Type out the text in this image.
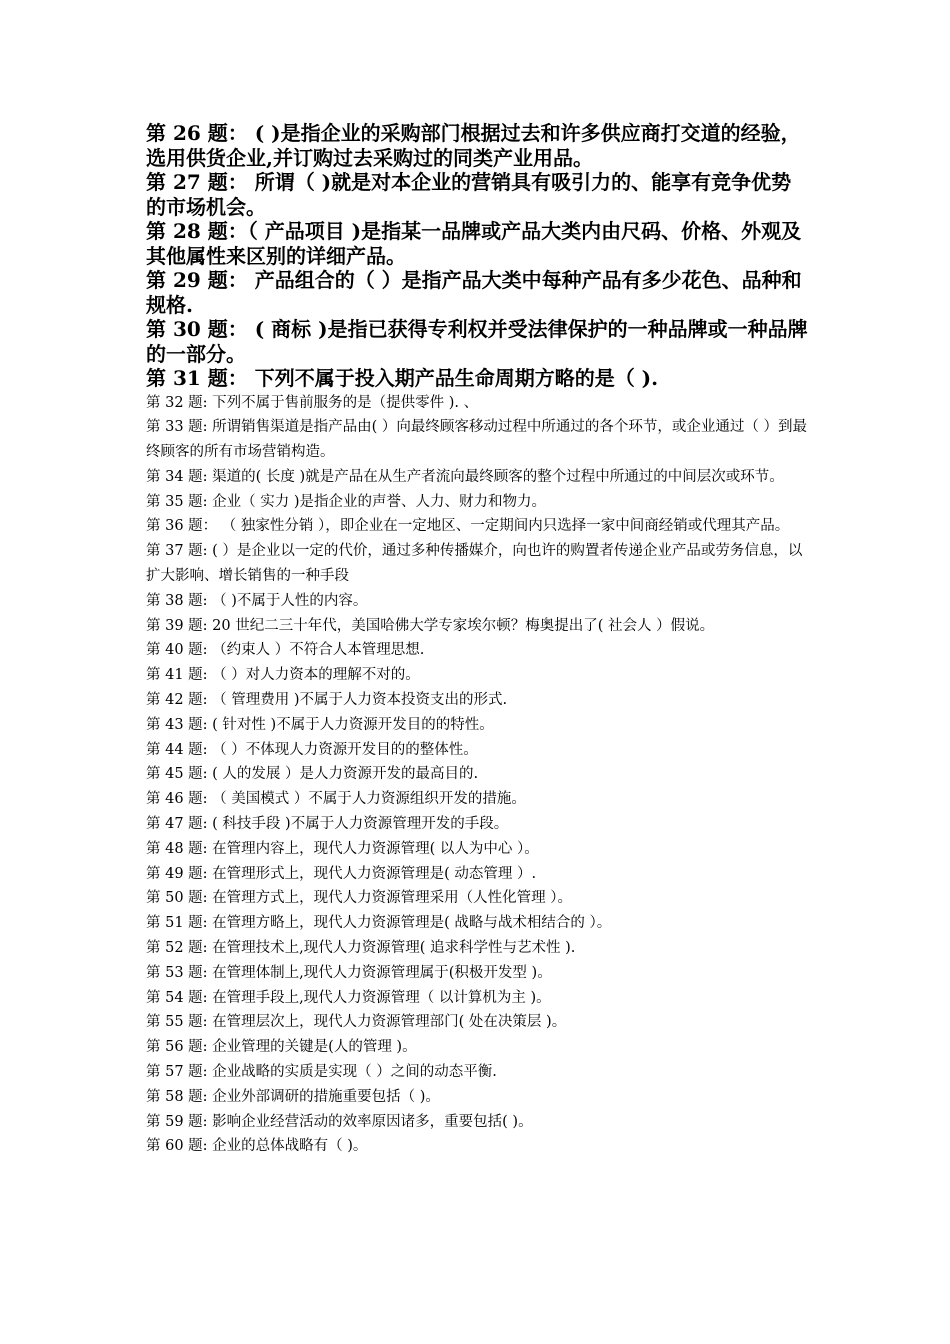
第 26 题： ( )是指企业的采购部门根据过去和许多供应商打交道的经验，选用供货企业,并订购过去采购过的同类产业用品。

第 27 题： 所谓（ )就是对本企业的营销具有吸引力的、能享有竞争优势的市场机会。

第 28 题：（ 产品项目 )是指某一品牌或产品大类内由尺码、价格、外观及其他属性来区别的详细产品。

第 29 题： 产品组合的（ ）是指产品大类中每种产品有多少花色、品种和规格.

第 30 题： ( 商标 )是指已获得专利权并受法律保护的一种品牌或一种品牌的一部分。

第 31 题： 下列不属于投入期产品生命周期方略的是（ ).

第 32 题: 下列不属于售前服务的是（提供零件 ). 、

第 33 题: 所谓销售渠道是指产品由( ）向最终顾客移动过程中所通过的各个环节，或企业通过（ ）到最终顾客的所有市场营销构造。

第 34 题: 渠道的( 长度 )就是产品在从生产者流向最终顾客的整个过程中所通过的中间层次或环节。

第 35 题: 企业（ 实力 )是指企业的声誉、人力、财力和物力。

第 36 题： （ 独家性分销 ），即企业在一定地区、一定期间内只选择一家中间商经销或代理其产品。

第 37 题: ( ）是企业以一定的代价，通过多种传播媒介，向也许的购置者传递企业产品或劳务信息，以扩大影响、增长销售的一种手段

第 38 题: （ )不属于人性的内容。

第 39 题: 20 世纪二三十年代，美国哈佛大学专家埃尔顿？梅奥提出了( 社会人 ）假说。

第 40 题: （约束人 ）不符合人本管理思想.

第 41 题: （ ）对人力资本的理解不对的。

第 42 题: （ 管理费用 )不属于人力资本投资支出的形式.

第 43 题: ( 针对性 )不属于人力资源开发目的的特性。

第 44 题: （ ）不体现人力资源开发目的的整体性。

第 45 题: ( 人的发展 ）是人力资源开发的最高目的.

第 46 题: （ 美国模式 ）不属于人力资源组织开发的措施。

第 47 题: ( 科技手段 )不属于人力资源管理开发的手段。

第 48 题: 在管理内容上，现代人力资源管理( 以人为中心 ）。

第 49 题: 在管理形式上，现代人力资源管理是( 动态管理 ）.

第 50 题: 在管理方式上，现代人力资源管理采用（人性化管理 ）。

第 51 题: 在管理方略上，现代人力资源管理是( 战略与战术相结合的 ）。

第 52 题: 在管理技术上,现代人力资源管理( 追求科学性与艺术性 ).

第 53 题: 在管理体制上,现代人力资源管理属于(积极开发型 )。

第 54 题: 在管理手段上,现代人力资源管理（ 以计算机为主 )。

第 55 题: 在管理层次上，现代人力资源管理部门( 处在决策层 )。

第 56 题: 企业管理的关键是(人的管理 )。

第 57 题: 企业战略的实质是实现（ ）之间的动态平衡.

第 58 题: 企业外部调研的措施重要包括（ )。

第 59 题: 影响企业经营活动的效率原因诸多，重要包括( )。

第 60 题: 企业的总体战略有（ )。
